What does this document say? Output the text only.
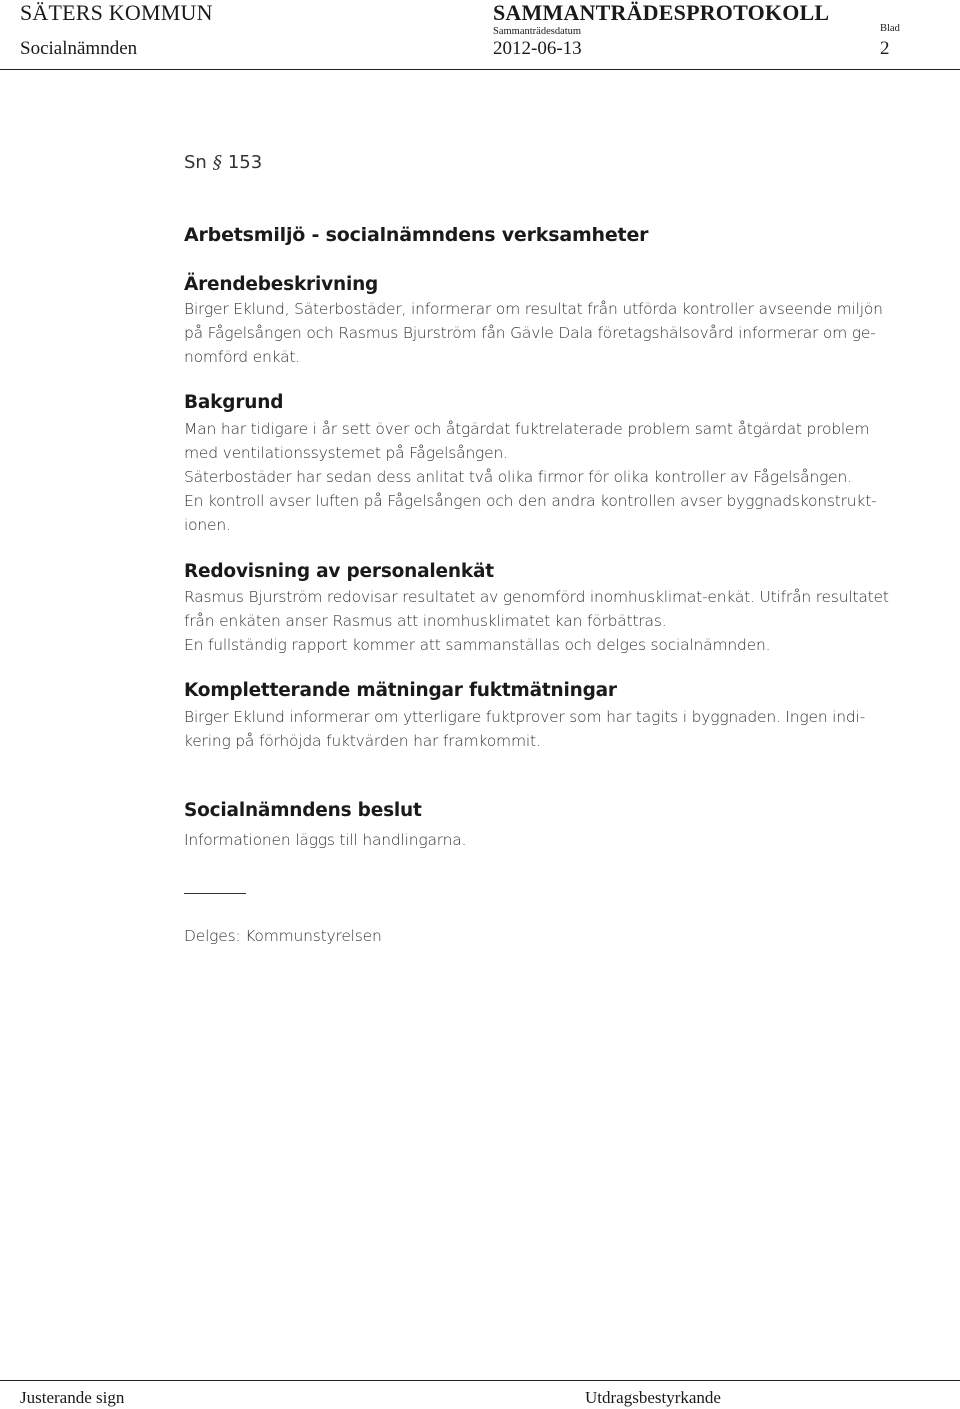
SÄTERS KOMMUN
Socialnämnden
SAMMANTRÄDESPROTOKOLL
Sammanträdesdatum
2012-06-13
Blad
2
Sn § 153
Arbetsmiljö - socialnämndens verksamheter
Ärendebeskrivning
Birger Eklund, Säterbostäder, informerar om resultat från utförda kontroller avseende miljön
på Fågelsången och Rasmus Bjurström fån Gävle Dala företagshälsovård informerar om ge-
nomförd enkät.
Bakgrund
Man har tidigare i år sett över och åtgärdat fuktrelaterade problem samt åtgärdat problem
med ventilationssystemet på Fågelsången.
Säterbostäder har sedan dess anlitat två olika firmor för olika kontroller av Fågelsången.
En kontroll avser luften på Fågelsången och den andra kontrollen avser byggnadskonstrukt-
ionen.
Redovisning av personalenkät
Rasmus Bjurström redovisar resultatet av genomförd inomhusklimat-enkät. Utifrån resultatet
från enkäten anser Rasmus att inomhusklimatet kan förbättras.
En fullständig rapport kommer att sammanställas och delges socialnämnden.
Kompletterande mätningar fuktmätningar
Birger Eklund informerar om ytterligare fuktprover som har tagits i byggnaden. Ingen indi-
kering på förhöjda fuktvärden har framkommit.
Socialnämndens beslut
Informationen läggs till handlingarna.
Delges: Kommunstyrelsen
Justerande sign	Utdragsbestyrkande
